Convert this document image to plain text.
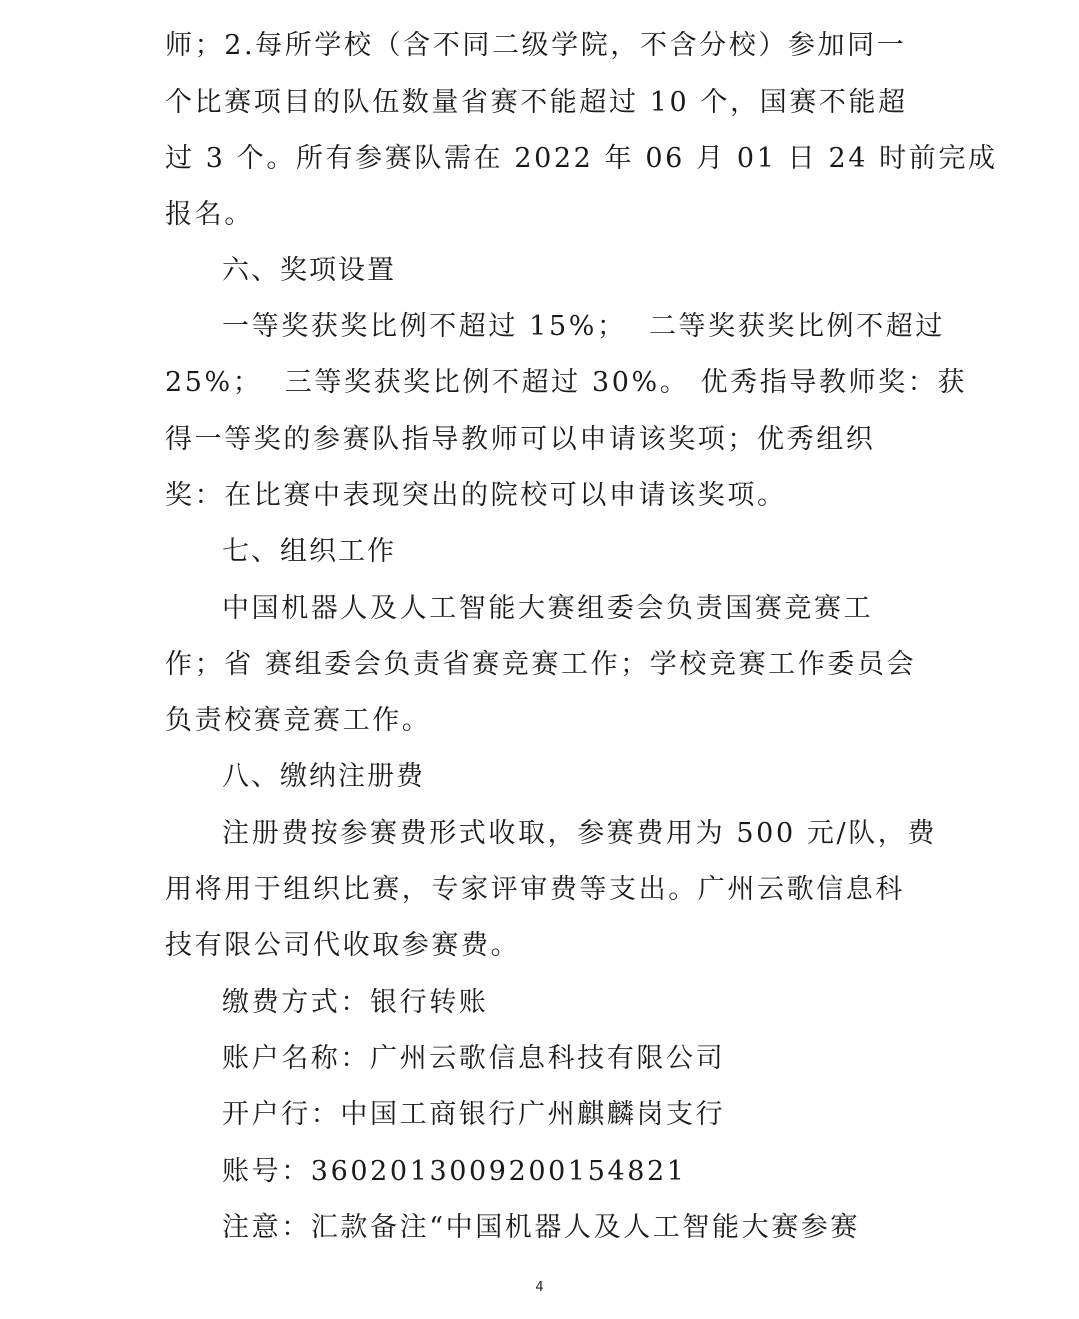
师；2.每所学校（含不同二级学院，不含分校）参加同一
个比赛项目的队伍数量省赛不能超过 10 个，国赛不能超
过 3 个。所有参赛队需在 2022 年 06 月 01 日 24 时前完成
报名。
六、奖项设置
一等奖获奖比例不超过 15%；  二等奖获奖比例不超过
25%；  三等奖获奖比例不超过 30%。 优秀指导教师奖：获
得一等奖的参赛队指导教师可以申请该奖项；优秀组织
奖：在比赛中表现突出的院校可以申请该奖项。
七、组织工作
中国机器人及人工智能大赛组委会负责国赛竞赛工
作；省 赛组委会负责省赛竞赛工作；学校竞赛工作委员会
负责校赛竞赛工作。
八、缴纳注册费
注册费按参赛费形式收取，参赛费用为 500 元/队，费
用将用于组织比赛，专家评审费等支出。广州云歌信息科
技有限公司代收取参赛费。
缴费方式：银行转账
账户名称：广州云歌信息科技有限公司
开户行：中国工商银行广州麒麟岗支行
账号：3602013009200154821
注意：汇款备注“中国机器人及人工智能大赛参赛
4
